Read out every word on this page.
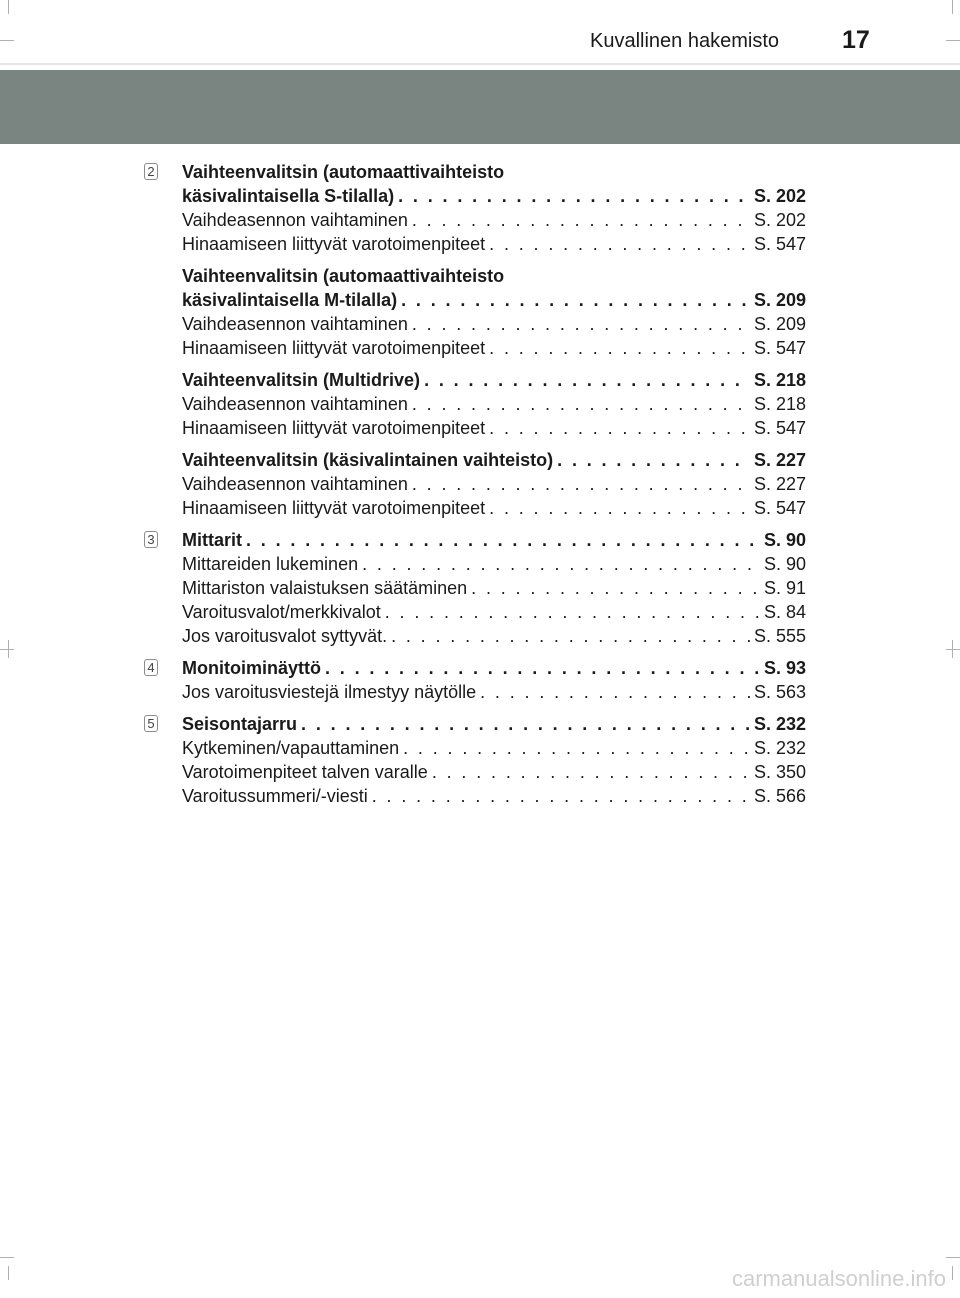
Kuvallinen hakemisto	17
2 Vaihteenvalitsin (automaattivaihteisto
käsivalintaisella S-tilalla) . . .	S. 202
Vaihdeasennon vaihtaminen . . .	S. 202
Hinaamiseen liittyvät varotoimenpiteet . . .	S. 547
Vaihteenvalitsin (automaattivaihteisto
käsivalintaisella M-tilalla) . . .	S. 209
Vaihdeasennon vaihtaminen . . .	S. 209
Hinaamiseen liittyvät varotoimenpiteet . . .	S. 547
Vaihteenvalitsin (Multidrive) . . .	S. 218
Vaihdeasennon vaihtaminen . . .	S. 218
Hinaamiseen liittyvät varotoimenpiteet . . .	S. 547
Vaihteenvalitsin (käsivalintainen vaihteisto) . . .	S. 227
Vaihdeasennon vaihtaminen . . .	S. 227
Hinaamiseen liittyvät varotoimenpiteet . . .	S. 547
3 Mittarit . . .	S. 90
Mittareiden lukeminen . . .	S. 90
Mittariston valaistuksen säätäminen . . .	S. 91
Varoitusvalot/merkkivalot . . .	S. 84
Jos varoitusvalot syttyvät. . . .	S. 555
4 Monitoiminäyttö . . .	S. 93
Jos varoitusviestejä ilmestyy näytölle . . .	S. 563
5 Seisontajarru . . .	S. 232
Kytkeminen/vapauttaminen . . .	S. 232
Varotoimenpiteet talven varalle . . .	S. 350
Varoitussummeri/-viesti . . .	S. 566
carmanualsonline.info
